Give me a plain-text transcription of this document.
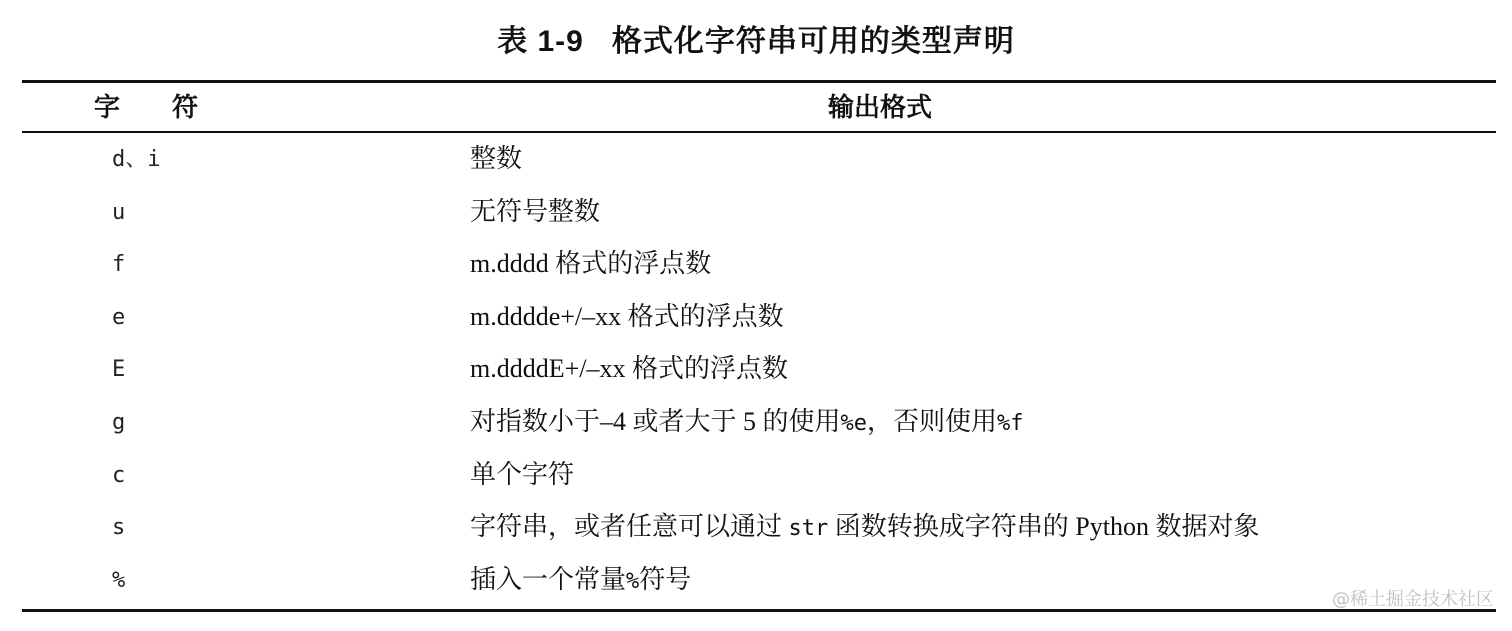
表 1-9 格式化字符串可用的类型声明
字符	输出格式
d、i	整数
u	无符号整数
f	m.dddd 格式的浮点数
e	m.dddde+/–xx 格式的浮点数
E	m.ddddE+/–xx 格式的浮点数
g	对指数小于–4 或者大于 5 的使用%e，否则使用%f
c	单个字符
s	字符串，或者任意可以通过 str 函数转换成字符串的 Python 数据对象
%	插入一个常量%符号
@稀土掘金技术社区
